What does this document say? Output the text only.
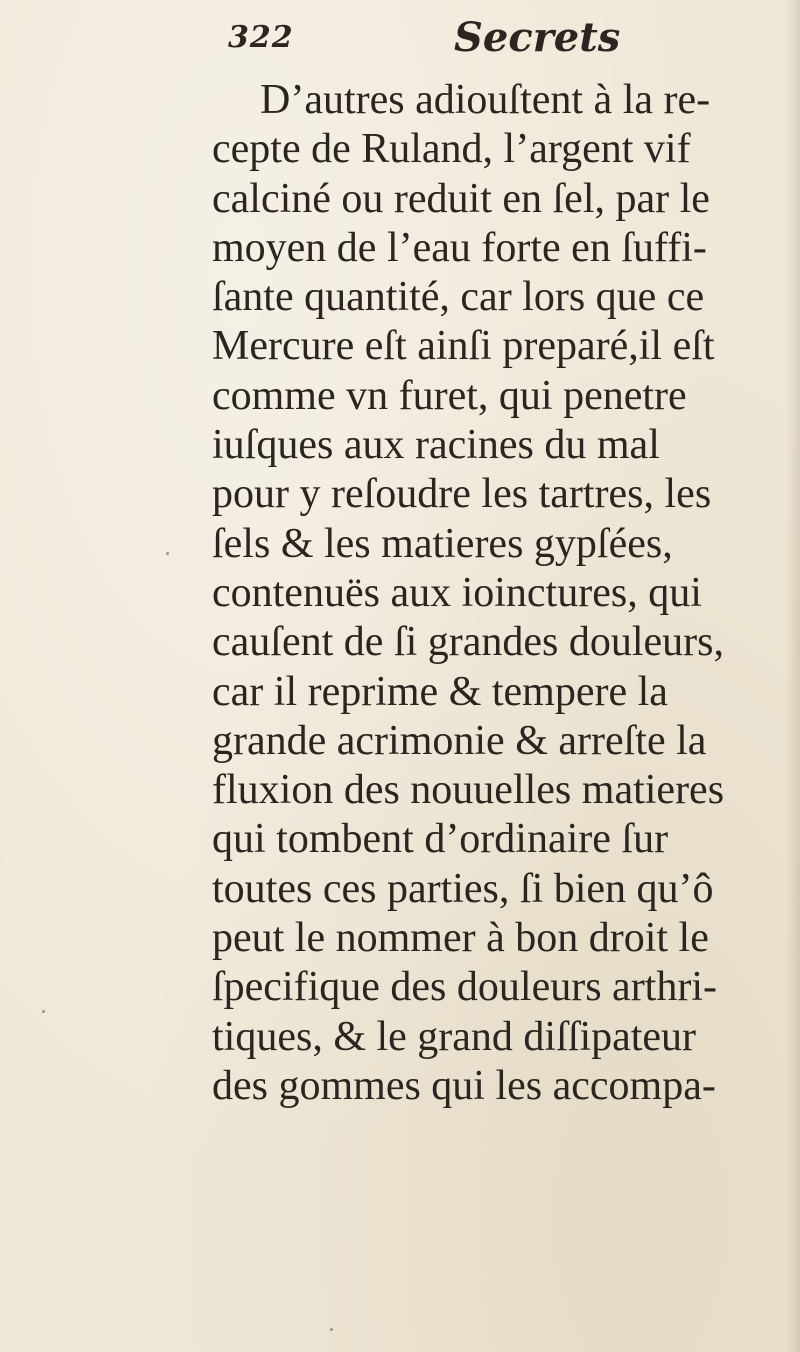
322	Secrets
D’autres adiouſtent à la re-
cepte de Ruland, l’argent vif
calciné ou reduit en ſel, par le
moyen de l’eau forte en ſuffi-
ſante quantité, car lors que ce
Mercure eſt ainſi preparé,il eſt
comme vn furet, qui penetre
iuſques aux racines du mal
pour y reſoudre les tartres, les
ſels & les matieres gypſées,
contenuës aux ioinctures, qui
cauſent de ſi grandes douleurs,
car il reprime & tempere la
grande acrimonie & arreſte la
fluxion des nouuelles matieres
qui tombent d’ordinaire ſur
toutes ces parties, ſi bien qu’ô
peut le nommer à bon droit le
ſpecifique des douleurs arthri-
tiques, & le grand diſſipateur
des gommes qui les accompa-
